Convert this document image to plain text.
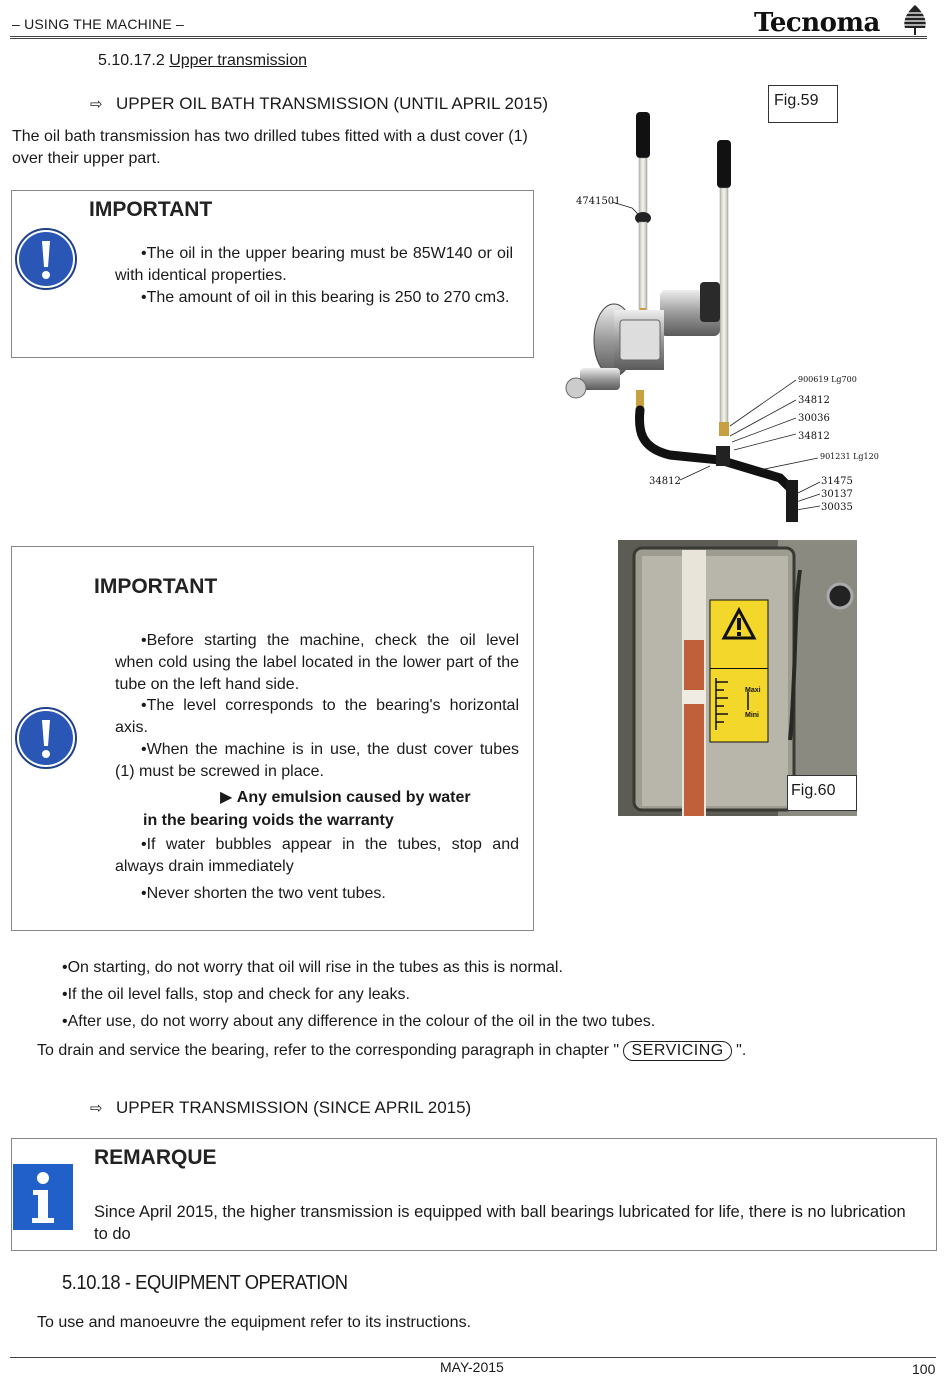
– USING THE MACHINE –	Tecnoma
5.10.17.2 Upper transmission
⇨ UPPER OIL BATH TRANSMISSION (UNTIL APRIL 2015)
The oil bath transmission has two drilled tubes fitted with a dust cover (1) over their upper part.
IMPORTANT

•The oil in the upper bearing must be 85W140 or oil with identical properties.

•The amount of oil in this bearing is 250 to 270 cm3.

Fig.59
4741501
900619 Lg700
34812
30036
34812
901231 Lg120
31475
30137
30035
34812
IMPORTANT

•Before starting the machine, check the oil level when cold using the label located in the lower part of the tube on the left hand side.

•The level corresponds to the bearing's horizontal axis.

•When the machine is in use, the dust cover tubes (1) must be screwed in place.

▶ Any emulsion caused by water
in the bearing voids the warranty

•If water bubbles appear in the tubes, stop and always drain immediately

•Never shorten the two vent tubes.

Maxi
Mini
Fig.60
•On starting, do not worry that oil will rise in the tubes as this is normal.
•If the oil level falls, stop and check for any leaks.
•After use, do not worry about any difference in the colour of the oil in the two tubes.
To drain and service the bearing, refer to the corresponding paragraph in chapter " SERVICING ".
⇨ UPPER TRANSMISSION (SINCE APRIL 2015)
REMARQUE
Since April 2015, the higher transmission is equipped with ball bearings lubricated for life, there is no lubrication to do
5.10.18 - EQUIPMENT OPERATION
To use and manoeuvre the equipment refer to its instructions.
MAY-2015	100
